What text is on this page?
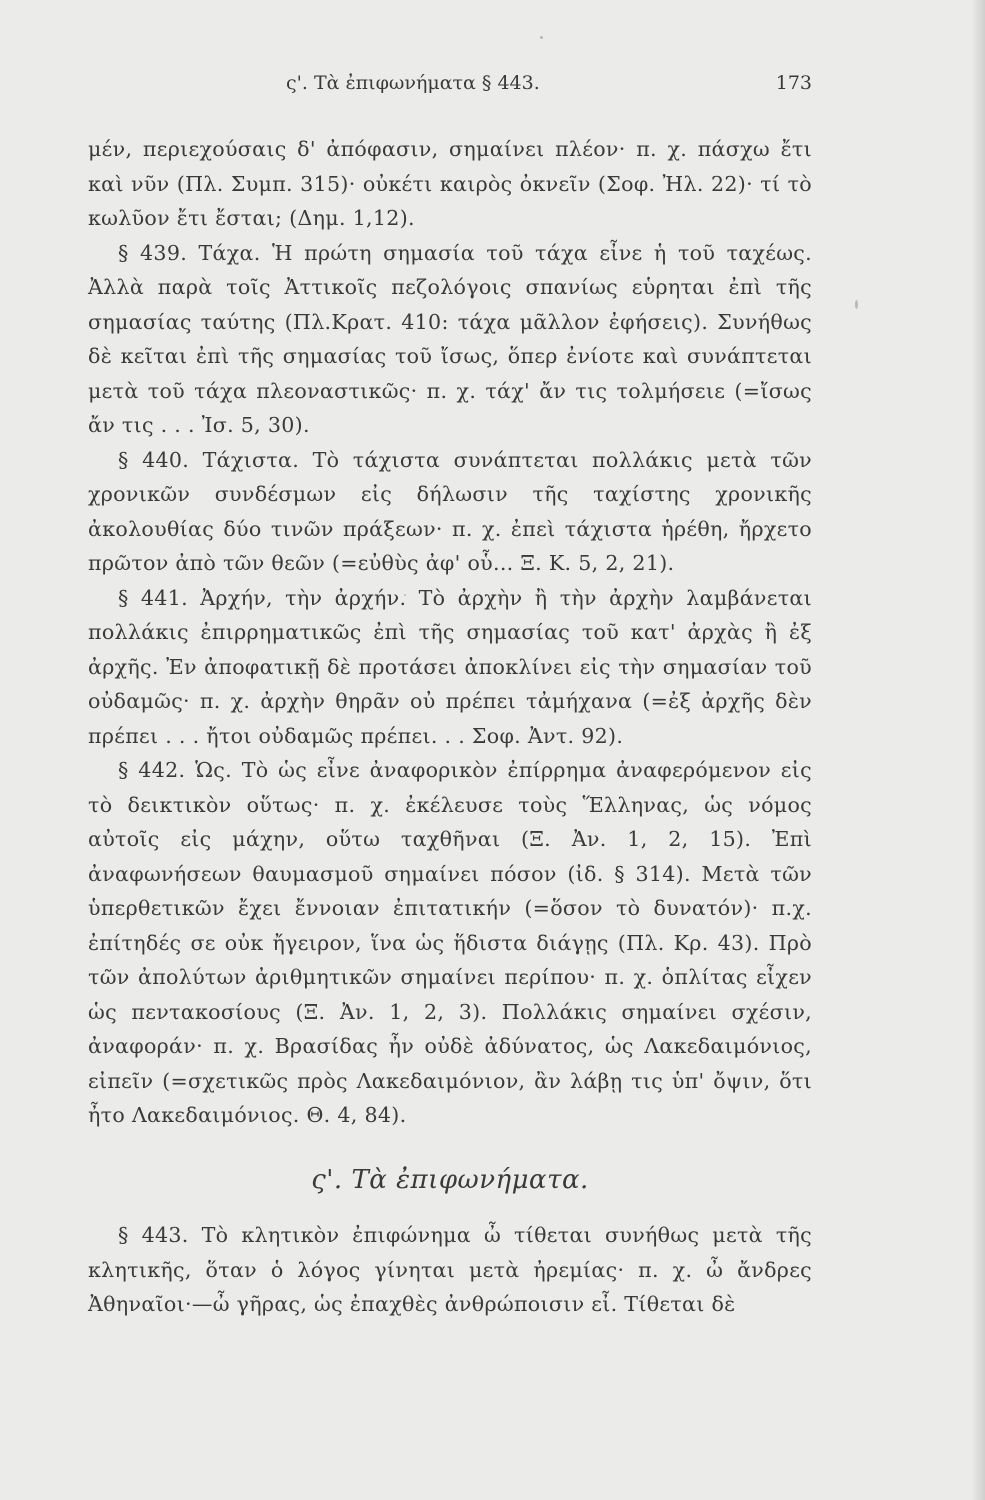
ς'. Τὰ ἐπιφωνήματα § 443.	173

μέν, περιεχούσαις δ' ἀπόφασιν, σημαίνει πλέον· π. χ. πάσχω ἔτι καὶ νῦν (Πλ. Συμπ. 315)· οὐκέτι καιρὸς ὀκνεῖν (Σοφ. Ἠλ. 22)· τί τὸ κωλῦον ἔτι ἔσται; (Δημ. 1,12).

§ 439. Τάχα. Ἡ πρώτη σημασία τοῦ τάχα εἶνε ἡ τοῦ ταχέως. Ἀλλὰ παρὰ τοῖς Ἀττικοῖς πεζολόγοις σπανίως εὑρηται ἐπὶ τῆς σημασίας ταύτης (Πλ.Κρατ. 410: τάχα μᾶλλον ἐφήσεις). Συνήθως δὲ κεῖται ἐπὶ τῆς σημασίας τοῦ ἴσως, ὅπερ ἐνίοτε καὶ συνάπτεται μετὰ τοῦ τάχα πλεοναστικῶς· π. χ. τάχ' ἄν τις τολμήσειε (=ἴσως ἄν τις . . . Ἰσ. 5, 30).

§ 440. Τάχιστα. Τὸ τάχιστα συνάπτεται πολλάκις μετὰ τῶν χρονικῶν συνδέσμων εἰς δήλωσιν τῆς ταχίστης χρονικῆς ἀκολουθίας δύο τινῶν πράξεων· π. χ. ἐπεὶ τάχιστα ἡρέθη, ἤρχετο πρῶτον ἀπὸ τῶν θεῶν (=εὐθὺς ἀφ' οὗ... Ξ. Κ. 5, 2, 21).

§ 441. Ἀρχήν, τὴν ἀρχήν. Τὸ ἀρχὴν ἢ τὴν ἀρχὴν λαμβάνεται πολλάκις ἐπιρρηματικῶς ἐπὶ τῆς σημασίας τοῦ κατ' ἀρχὰς ἢ ἐξ ἀρχῆς. Ἐν ἀποφατικῇ δὲ προτάσει ἀποκλίνει εἰς τὴν σημασίαν τοῦ οὐδαμῶς· π. χ. ἀρχὴν θηρᾶν οὐ πρέπει τἀμήχανα (=ἐξ ἀρχῆς δὲν πρέπει . . . ἤτοι οὐδαμῶς πρέπει. . . Σοφ. Ἀντ. 92).

§ 442. Ὡς. Τὸ ὡς εἶνε ἀναφορικὸν ἐπίρρημα ἀναφερόμενον εἰς τὸ δεικτικὸν οὕτως· π. χ. ἐκέλευσε τοὺς Ἕλληνας, ὡς νόμος αὐτοῖς εἰς μάχην, οὕτω ταχθῆναι (Ξ. Ἀν. 1, 2, 15). Ἐπὶ ἀναφωνήσεων θαυμασμοῦ σημαίνει πόσον (ἰδ. § 314). Μετὰ τῶν ὑπερθετικῶν ἔχει ἔννοιαν ἐπιτατικήν (=ὅσον τὸ δυνατόν)· π.χ. ἐπίτηδές σε οὐκ ἤγειρον, ἵνα ὡς ἥδιστα διάγῃς (Πλ. Κρ. 43). Πρὸ τῶν ἀπολύτων ἀριθμητικῶν σημαίνει περίπου· π. χ. ὁπλίτας εἶχεν ὡς πεντακοσίους (Ξ. Ἀν. 1, 2, 3). Πολλάκις σημαίνει σχέσιν, ἀναφοράν· π. χ. Βρασίδας ἦν οὐδὲ ἀδύνατος, ὡς Λακεδαιμόνιος, εἰπεῖν (=σχετικῶς πρὸς Λακεδαιμόνιον, ἂν λάβῃ τις ὑπ' ὄψιν, ὅτι ἦτο Λακεδαιμόνιος. Θ. 4, 84).

ς'. Τὰ ἐπιφωνήματα.

§ 443. Τὸ κλητικὸν ἐπιφώνημα ὦ τίθεται συνήθως μετὰ τῆς κλητικῆς, ὅταν ὁ λόγος γίνηται μετὰ ἠρεμίας· π. χ. ὦ ἄνδρες Ἀθηναῖοι·—ὦ γῆρας, ὡς ἐπαχθὲς ἀνθρώποισιν εἶ. Τίθεται δὲ
